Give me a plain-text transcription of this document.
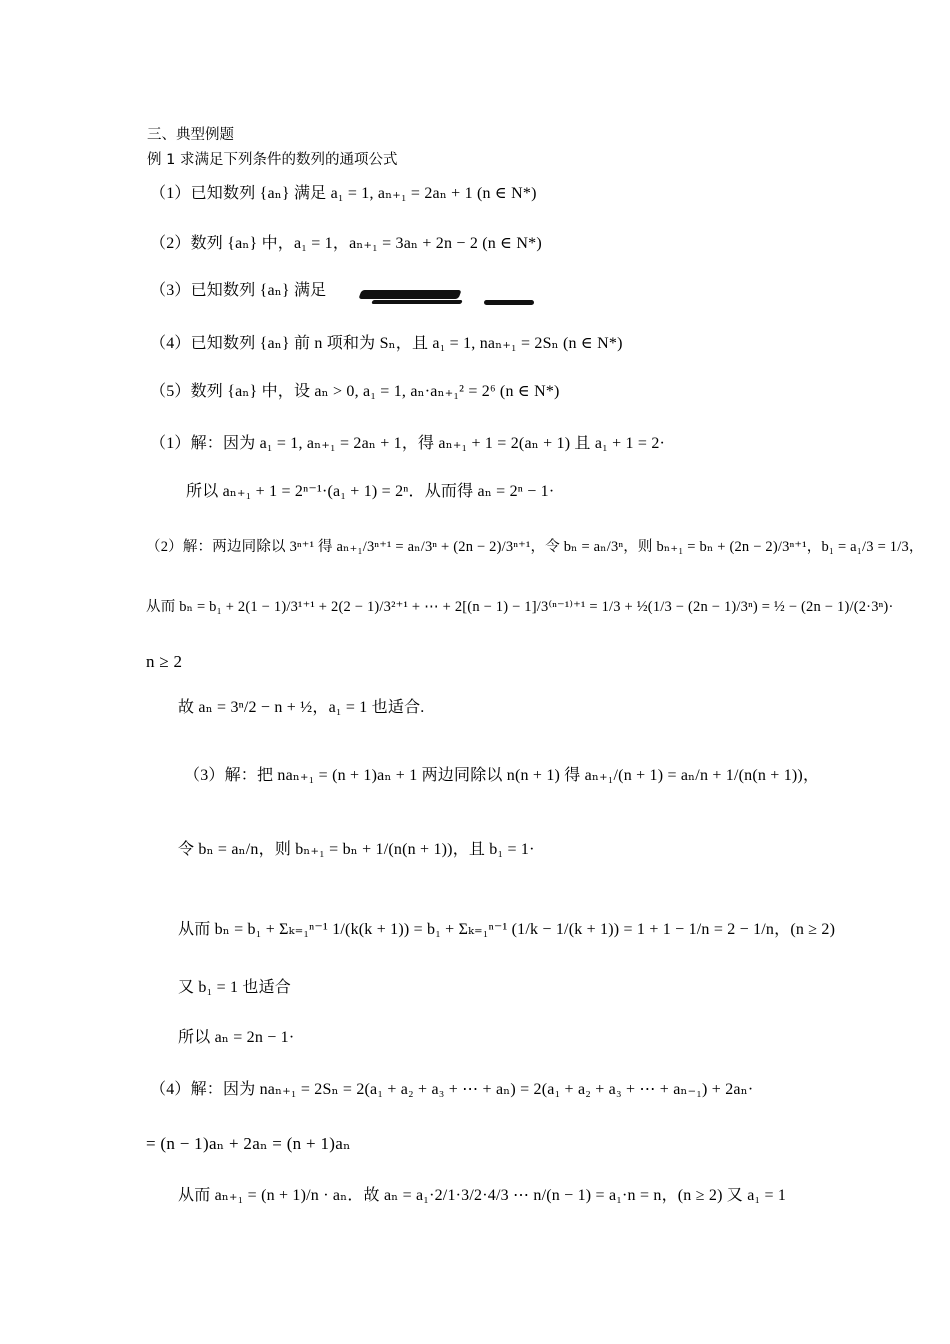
三、典型例题
例 1 求满足下列条件的数列的通项公式
（1）已知数列 {aₙ} 满足 a₁ = 1, aₙ₊₁ = 2aₙ + 1 (n ∈ N*)
（2）数列 {aₙ} 中，a₁ = 1，aₙ₊₁ = 3aₙ + 2n − 2 (n ∈ N*)
（3）已知数列 {aₙ} 满足
（4）已知数列 {aₙ} 前 n 项和为 Sₙ，且 a₁ = 1, naₙ₊₁ = 2Sₙ (n ∈ N*)
（5）数列 {aₙ} 中，设 aₙ > 0, a₁ = 1, aₙ·aₙ₊₁² = 2⁶ (n ∈ N*)
（1）解：因为 a₁ = 1, aₙ₊₁ = 2aₙ + 1，得 aₙ₊₁ + 1 = 2(aₙ + 1) 且 a₁ + 1 = 2·
所以 aₙ₊₁ + 1 = 2ⁿ⁻¹·(a₁ + 1) = 2ⁿ．从而得 aₙ = 2ⁿ − 1·
（2）解：两边同除以 3ⁿ⁺¹ 得 aₙ₊₁/3ⁿ⁺¹ = aₙ/3ⁿ + (2n − 2)/3ⁿ⁺¹，令 bₙ = aₙ/3ⁿ，则 bₙ₊₁ = bₙ + (2n − 2)/3ⁿ⁺¹，b₁ = a₁/3 = 1/3，
从而 bₙ = b₁ + 2(1 − 1)/3¹⁺¹ + 2(2 − 1)/3²⁺¹ + ⋯ + 2[(n − 1) − 1]/3⁽ⁿ⁻¹⁾⁺¹ = 1/3 + ½(1/3 − (2n − 1)/3ⁿ) = ½ − (2n − 1)/(2·3ⁿ)·
n ≥ 2
故 aₙ = 3ⁿ/2 − n + ½，a₁ = 1 也适合.
（3）解：把 naₙ₊₁ = (n + 1)aₙ + 1 两边同除以 n(n + 1) 得 aₙ₊₁/(n + 1) = aₙ/n + 1/(n(n + 1))，
令 bₙ = aₙ/n，则 bₙ₊₁ = bₙ + 1/(n(n + 1))，且 b₁ = 1·
从而 bₙ = b₁ + Σₖ₌₁ⁿ⁻¹ 1/(k(k + 1)) = b₁ + Σₖ₌₁ⁿ⁻¹ (1/k − 1/(k + 1)) = 1 + 1 − 1/n = 2 − 1/n，(n ≥ 2)
又 b₁ = 1 也适合
所以 aₙ = 2n − 1·
（4）解：因为 naₙ₊₁ = 2Sₙ = 2(a₁ + a₂ + a₃ + ⋯ + aₙ) = 2(a₁ + a₂ + a₃ + ⋯ + aₙ₋₁) + 2aₙ·
= (n − 1)aₙ + 2aₙ = (n + 1)aₙ
从而 aₙ₊₁ = (n + 1)/n · aₙ．故 aₙ = a₁·2/1·3/2·4/3 ⋯ n/(n − 1) = a₁·n = n，(n ≥ 2) 又 a₁ = 1
